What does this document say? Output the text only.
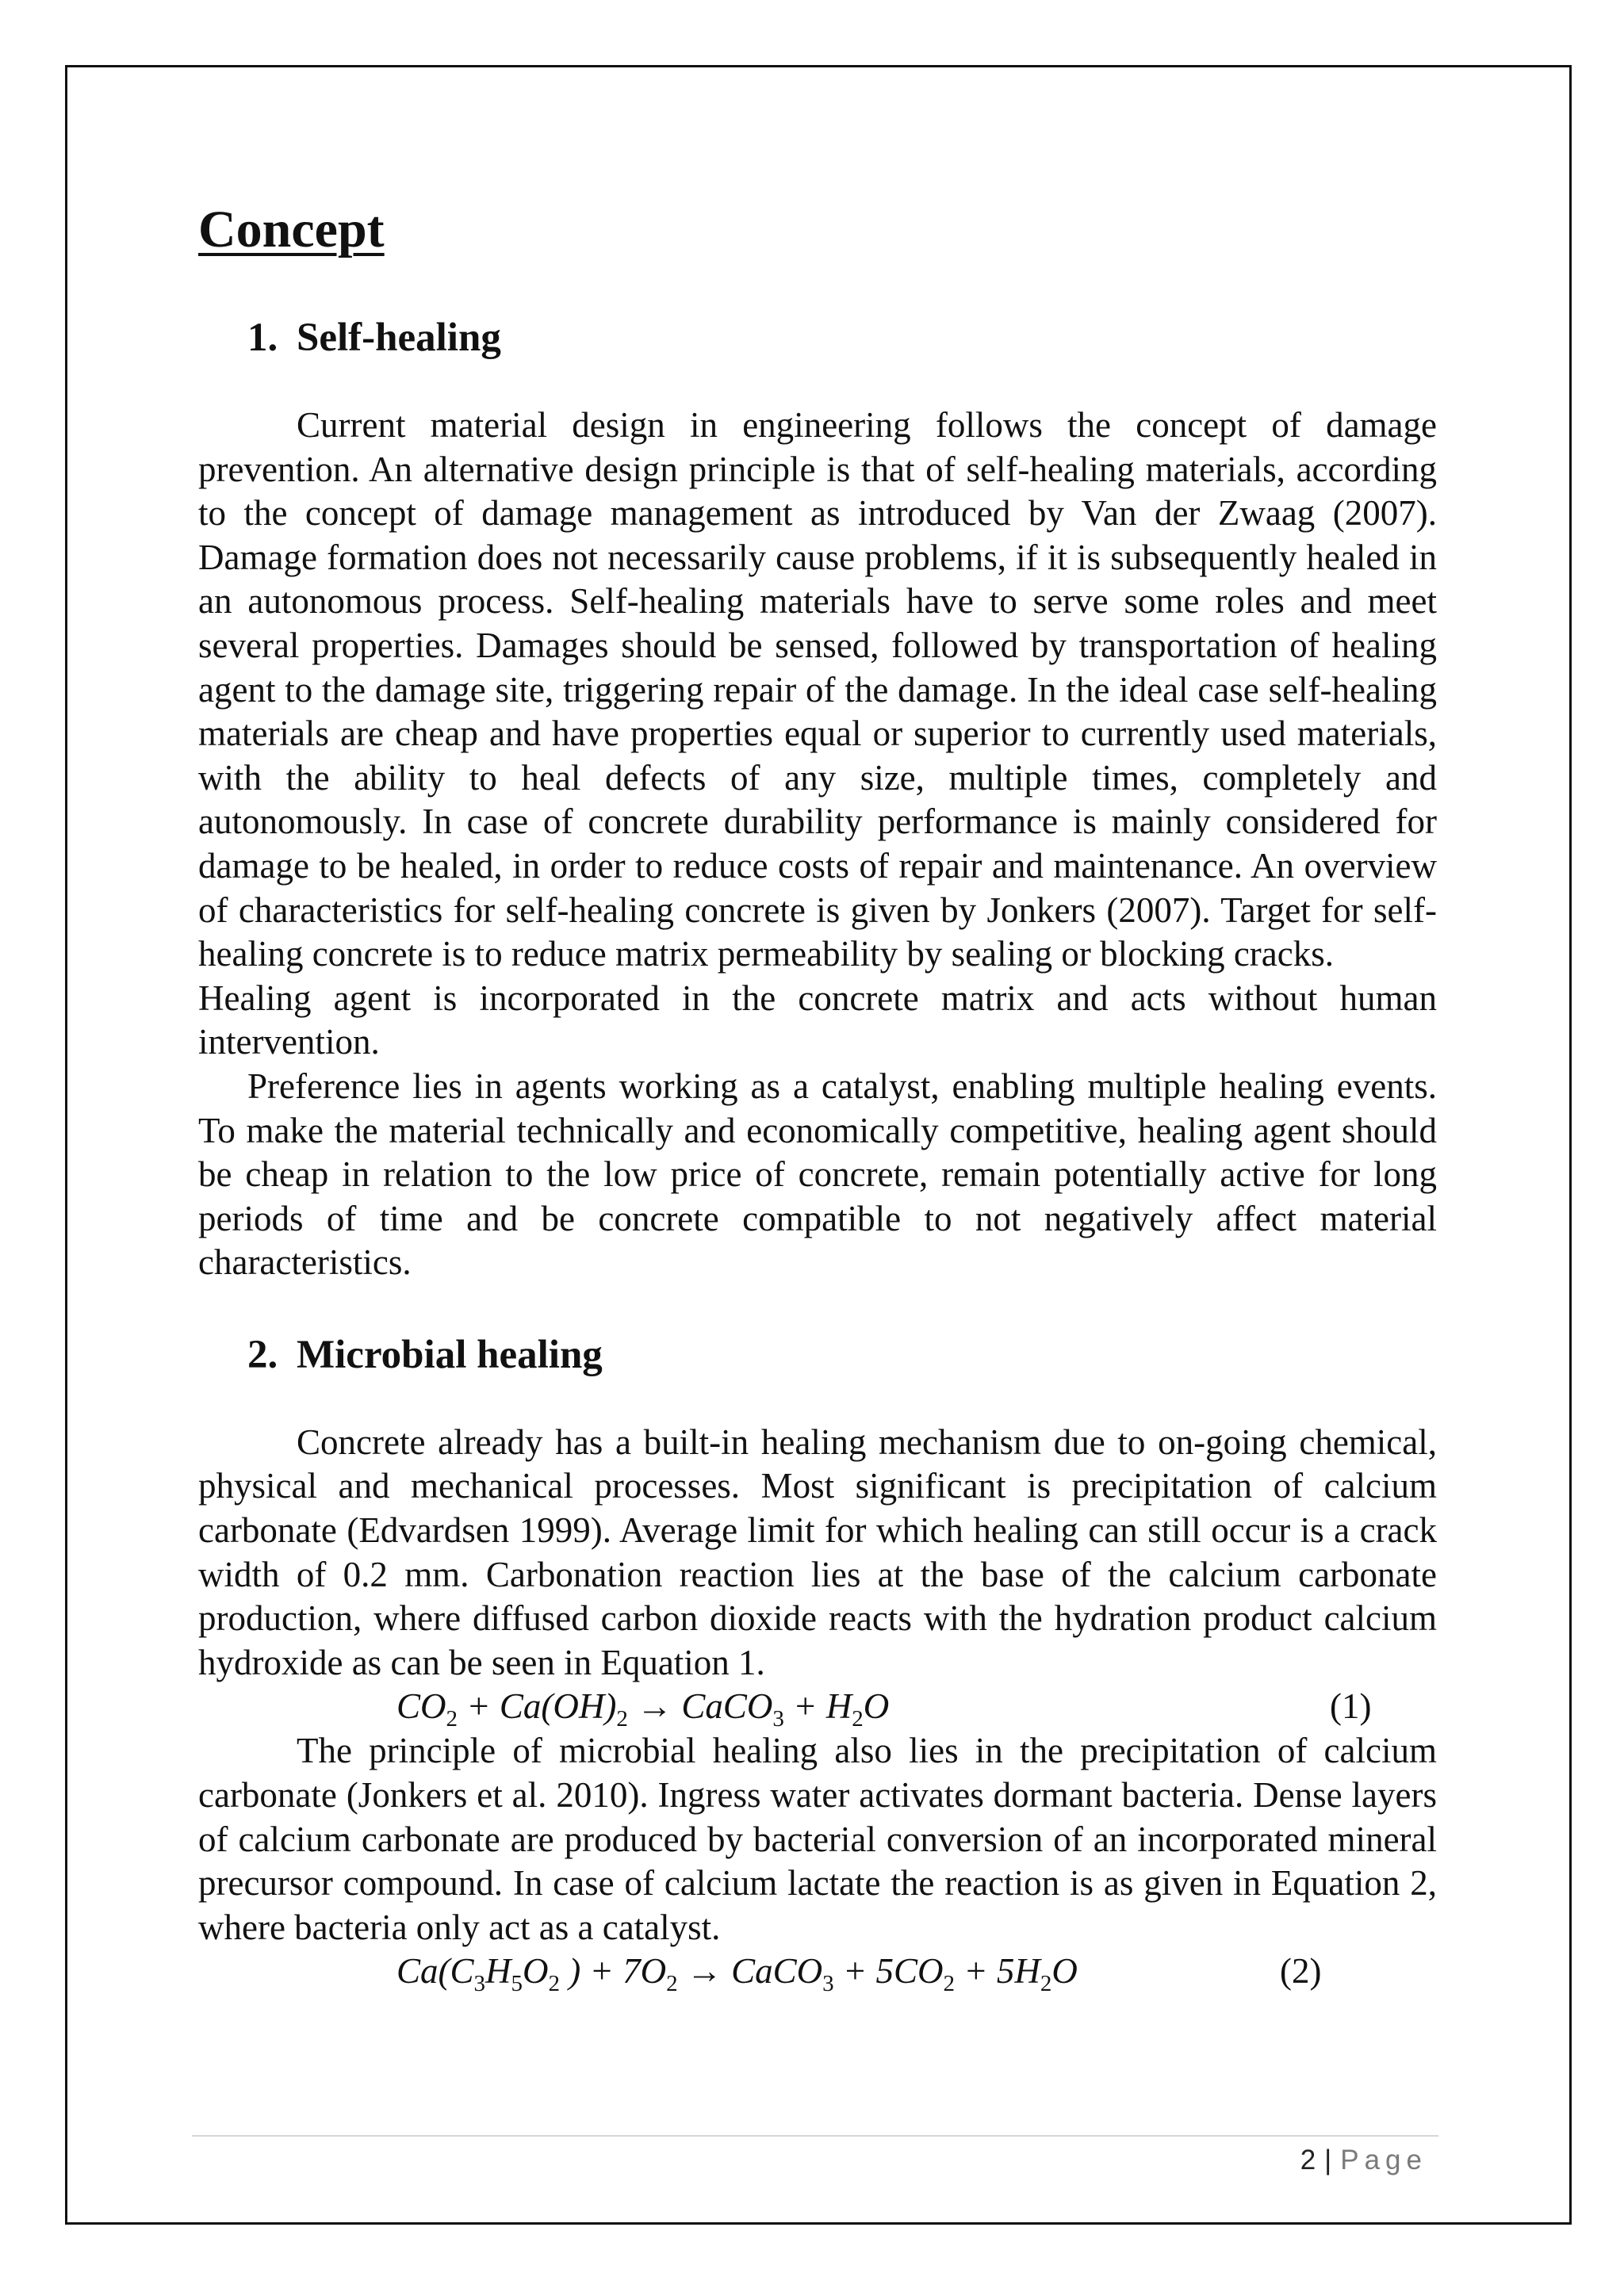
Concept
1. Self-healing

Current material design in engineering follows the concept of damage prevention. An alternative design principle is that of self-healing materials, according to the concept of damage management as introduced by Van der Zwaag (2007). Damage formation does not necessarily cause problems, if it is subsequently healed in an autonomous process. Self-healing materials have to serve some roles and meet several properties. Damages should be sensed, followed by transportation of healing agent to the damage site, triggering repair of the damage. In the ideal case self-healing materials are cheap and have properties equal or superior to currently used materials, with the ability to heal defects of any size, multiple times, completely and autonomously. In case of concrete durability performance is mainly considered for damage to be healed, in order to reduce costs of repair and maintenance. An overview of characteristics for self-healing concrete is given by Jonkers (2007). Target for self-healing concrete is to reduce matrix permeability by sealing or blocking cracks.

Healing agent is incorporated in the concrete matrix and acts without human intervention.

Preference lies in agents working as a catalyst, enabling multiple healing events. To make the material technically and economically competitive, healing agent should be cheap in relation to the low price of concrete, remain potentially active for long periods of time and be concrete compatible to not negatively affect material characteristics.

2. Microbial healing

Concrete already has a built-in healing mechanism due to on-going chemical, physical and mechanical processes. Most significant is precipitation of calcium carbonate (Edvardsen 1999). Average limit for which healing can still occur is a crack width of 0.2 mm. Carbonation reaction lies at the base of the calcium carbonate production, where diffused carbon dioxide reacts with the hydration product calcium hydroxide as can be seen in Equation 1.

$CO_2 + Ca(OH)_2$ → CaCO$_3$ + $H_2O$	(1)

The principle of microbial healing also lies in the precipitation of calcium carbonate (Jonkers et al. 2010). Ingress water activates dormant bacteria. Dense layers of calcium carbonate are produced by bacterial conversion of an incorporated mineral precursor compound. In case of calcium lactate the reaction is as given in Equation 2, where bacteria only act as a catalyst.

$Ca(C_3H_5O_2$ ) + $7O_2$ → CaCO$_3$ + $5CO_2 + 5H_2O$	(2)
2 | Page
